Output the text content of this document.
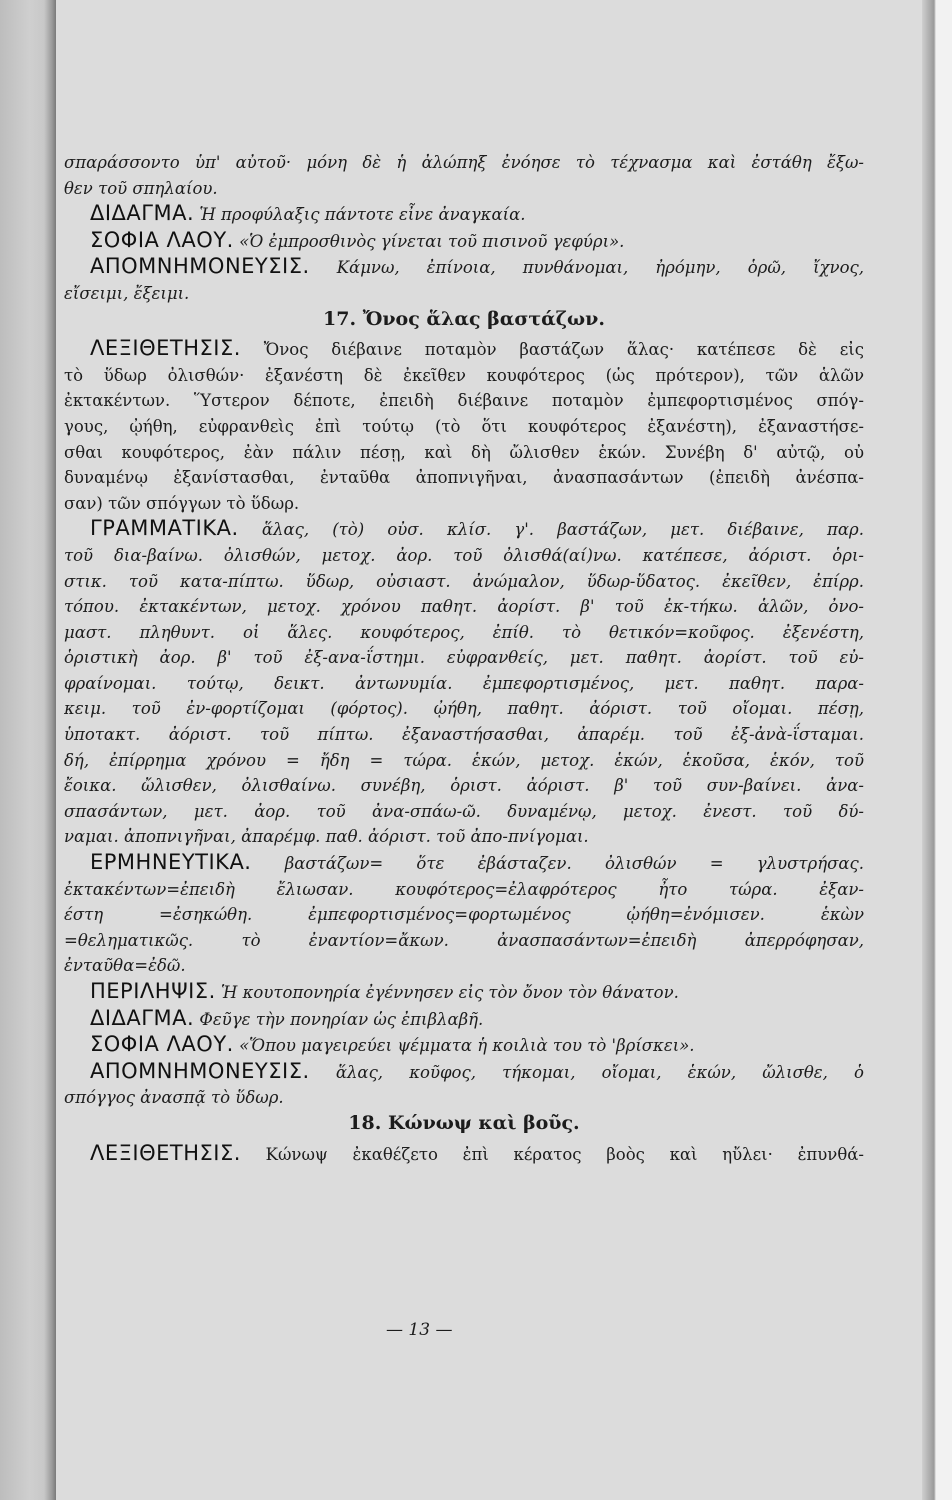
σπαράσσοντο ὑπ' αὐτοῦ· μόνη δὲ ἡ ἀλώπηξ ἐνόησε τὸ τέχνασμα καὶ ἐστάθη ἔξω-
θεν τοῦ σπηλαίου.
ΔΙΔΑΓΜΑ. Ἡ προφύλαξις πάντοτε εἶνε ἀναγκαία.
ΣΟΦΙΑ ΛΑΟΥ. «Ὁ ἐμπροσθινὸς γίνεται τοῦ πισινοῦ γεφύρι».
ΑΠΟΜΝΗΜΟΝΕΥΣΙΣ. Κάμνω, ἐπίνοια, πυνθάνομαι, ἠρόμην, ὁρῶ, ἴχνος,
εἴσειμι, ἔξειμι.
17. Ὄνος ἅλας βαστάζων.
ΛΕΞΙΘΕΤΗΣΙΣ. Ὄνος διέβαινε ποταμὸν βαστάζων ἅλας· κατέπεσε δὲ εἰς
τὸ ὕδωρ ὀλισθών· ἐξανέστη δὲ ἐκεῖθεν κουφότερος (ὡς πρότερον), τῶν ἁλῶν
ἐκτακέντων. Ὕστερον δέποτε, ἐπειδὴ διέβαινε ποταμὸν ἐμπεφορτισμένος σπόγ-
γους, ᾠήθη, εὐφρανθεὶς ἐπὶ τούτῳ (τὸ ὅτι κουφότερος ἐξανέστη), ἐξαναστήσε-
σθαι κουφότερος, ἐὰν πάλιν πέσῃ, καὶ δὴ ὤλισθεν ἑκών. Συνέβη δ' αὐτῷ, οὐ
δυναμένῳ ἐξανίστασθαι, ἐνταῦθα ἀποπνιγῆναι, ἀνασπασάντων (ἐπειδὴ ἀνέσπα-
σαν) τῶν σπόγγων τὸ ὕδωρ.
ΓΡΑΜΜΑΤΙΚΑ. ἅλας, (τὸ) οὐσ. κλίσ. γ'. βαστάζων, μετ. διέβαινε, παρ.
τοῦ δια-βαίνω. ὀλισθών, μετοχ. ἀορ. τοῦ ὀλισθά(αί)νω. κατέπεσε, ἀόριστ. ὁρι-
στικ. τοῦ κατα-πίπτω. ὕδωρ, οὐσιαστ. ἀνώμαλον, ὕδωρ-ὕδατος. ἐκεῖθεν, ἐπίρρ.
τόπου. ἐκτακέντων, μετοχ. χρόνου παθητ. ἀορίστ. β' τοῦ ἐκ-τήκω. ἁλῶν, ὀνο-
μαστ. πληθυντ. οἱ ἅλες. κουφότερος, ἐπίθ. τὸ θετικόν=κοῦφος. ἐξενέστη,
ὁριστικὴ ἀορ. β' τοῦ ἐξ-ανα-ΐστημι. εὐφρανθείς, μετ. παθητ. ἀορίστ. τοῦ εὐ-
φραίνομαι. τούτῳ, δεικτ. ἀντωνυμία. ἐμπεφορτισμένος, μετ. παθητ. παρα-
κειμ. τοῦ ἐν-φορτίζομαι (φόρτος). ᾠήθη, παθητ. ἀόριστ. τοῦ οἴομαι. πέσῃ,
ὑποτακτ. ἀόριστ. τοῦ πίπτω. ἐξαναστήσασθαι, ἀπαρέμ. τοῦ ἐξ-ἀνὰ-ΐσταμαι.
δή, ἐπίρρημα χρόνου = ἤδη = τώρα. ἑκών, μετοχ. ἑκών, ἑκοῦσα, ἑκόν, τοῦ
ἔοικα. ὤλισθεν, ὀλισθαίνω. συνέβη, ὁριστ. ἀόριστ. β' τοῦ συν-βαίνει. ἀνα-
σπασάντων, μετ. ἀορ. τοῦ ἀνα-σπάω-ῶ. δυναμένῳ, μετοχ. ἐνεστ. τοῦ δύ-
ναμαι. ἀποπνιγῆναι, ἀπαρέμφ. παθ. ἀόριστ. τοῦ ἀπο-πνίγομαι.
ΕΡΜΗΝΕΥΤΙΚΑ. βαστάζων= ὅτε ἐβάσταζεν. ὀλισθών = γλυστρήσας.
ἐκτακέντων=ἐπειδὴ ἔλιωσαν. κουφότερος=ἐλαφρότερος ἦτο τώρα. ἐξαν-
έστη =ἐσηκώθη. ἐμπεφορτισμένος=φορτωμένος ᾠήθη=ἐνόμισεν. ἑκὼν
=θεληματικῶς. τὸ ἐναντίον=ἄκων. ἀνασπασάντων=ἐπειδὴ ἀπερρόφησαν,
ἐνταῦθα=ἐδῶ.
ΠΕΡΙΛΗΨΙΣ. Ἡ κουτοπονηρία ἐγέννησεν εἰς τὸν ὄνον τὸν θάνατον.
ΔΙΔΑΓΜΑ. Φεῦγε τὴν πονηρίαν ὡς ἐπιβλαβῆ.
ΣΟΦΙΑ ΛΑΟΥ. «Ὅπου μαγειρεύει ψέμματα ἡ κοιλιὰ του τὸ 'βρίσκει».
ΑΠΟΜΝΗΜΟΝΕΥΣΙΣ. ἅλας, κοῦφος, τήκομαι, οἴομαι, ἑκών, ὤλισθε, ὁ
σπόγγος ἀνασπᾷ τὸ ὕδωρ.
18. Κώνωψ καὶ βοῦς.
ΛΕΞΙΘΕΤΗΣΙΣ. Κώνωψ ἐκαθέζετο ἐπὶ κέρατος βοὸς καὶ ηὔλει· ἐπυνθά-
— 13 —
